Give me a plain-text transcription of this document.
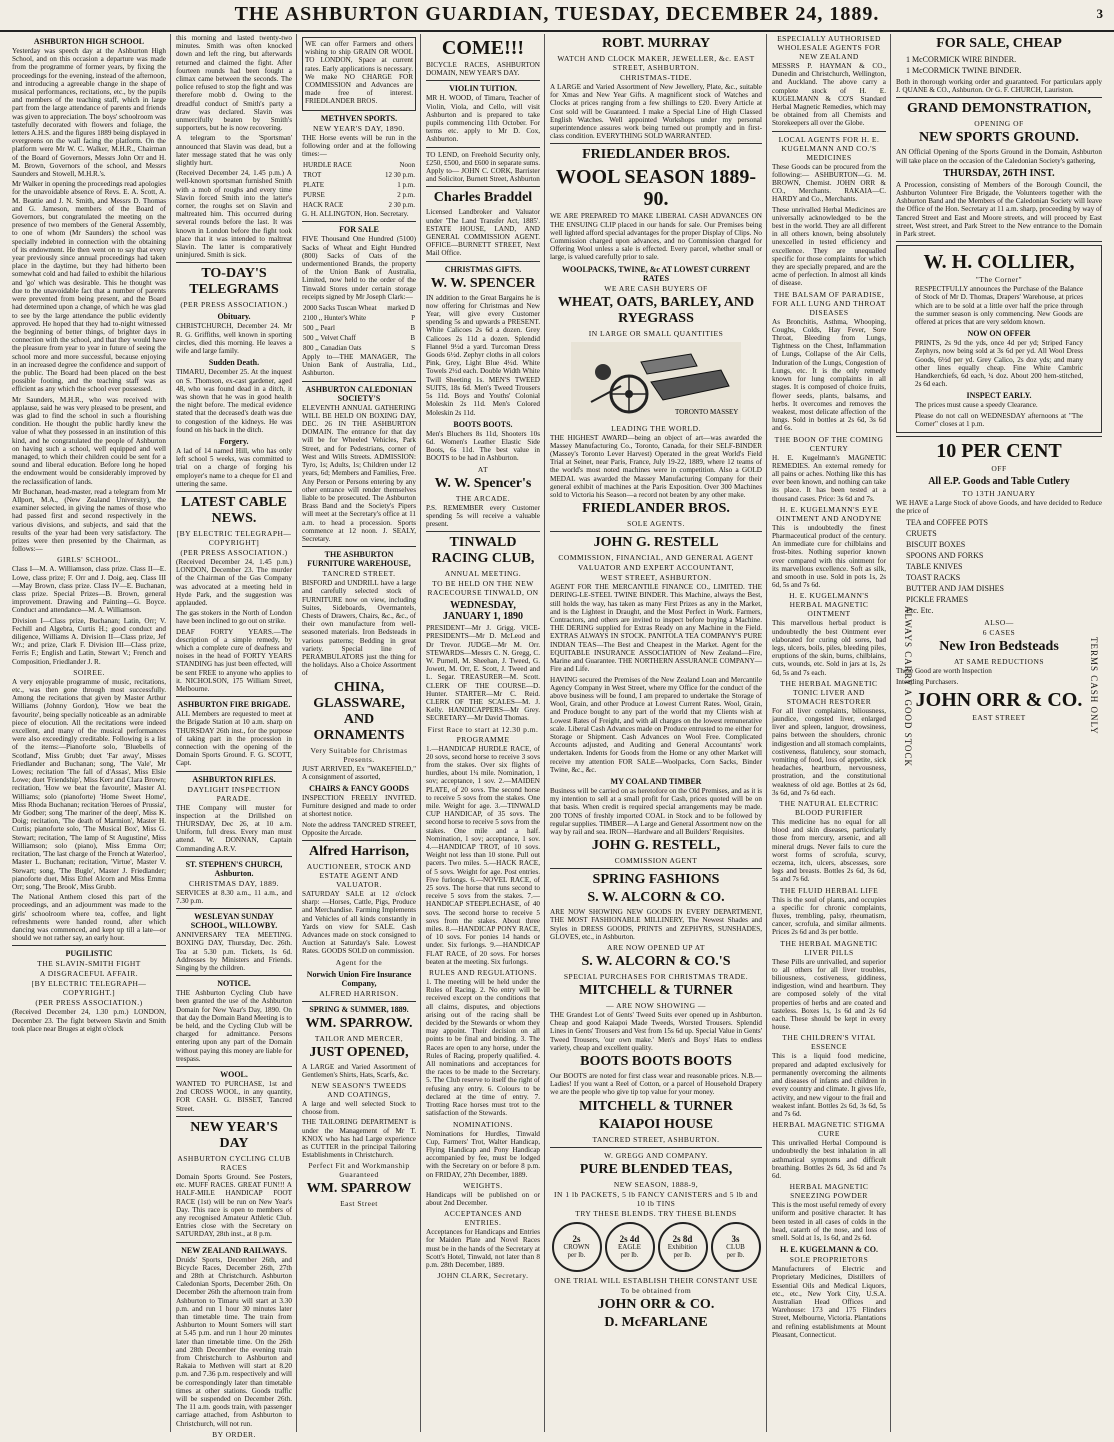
THE ASHBURTON GUARDIAN, TUESDAY, DECEMBER 24, 1889.	3
ASHBURTON HIGH SCHOOL

Yesterday was speech day at the Ashburton High School, and on this occasion a departure was made from the programme of former years, by fixing the proceedings for the evening, instead of the afternoon, and introducing a agreeable change in the shape of musical performances, recitations, etc., by the pupils and members of the teaching staff, which in large part from the large attendance of parents and friends was given to appreciation. The boys' schoolroom was tastefully decorated with flowers and foliage, the letters A.H.S. and the figures 1889 being displayed in evergreens on the wall facing the platform. On the platform were Mr W. C. Walker, M.H.R., Chairman of the Board of Governors, Messrs John Orr and H. M. Brown, Governors of the school, and Messrs Saunders and Stowell, M.H.R.'s.

Mr Walker in opening the proceedings read apologies for the unavoidable absence of Revs. E. A. Scott, A. M. Beattie and J. N. Smith, and Messrs D. Thomas and G. Jameson, members of the Board of Governors, but congratulated the meeting on the presence of two members of the General Assembly, to one of whom (Mr Saunders) the school was specially indebted in connection with the obtaining of its endowment. He then went on to say that every year previously since annual proceedings had taken place in the daytime, but they had hitherto been somewhat cold and had failed to exhibit the hilarious and 'go' which was desirable. This he thought was due to the unavoidable fact that a number of parents were prevented from being present, and the Board had determined upon a change, of which he was glad to see by the large attendance the public evidently approved. He hoped that they had to-night witnessed the beginning of better things, of brighter days in connection with the school, and that they would have the pleasure from year to year in future of seeing the school more and more successful, because enjoying in an increased degree the confidence and support of the public. The Board had been placed on the best possible footing, and the teaching staff was as efficient as any which the school ever possessed.

Mr Saunders, M.H.R., who was received with applause, said he was very pleased to be present, and was glad to find the school in such a flourishing condition. He thought the public hardly knew the value of what they possessed in an institution of this kind, and he congratulated the people of Ashburton on having such a school, well equipped and well managed, to which their children could be sent for a sound and liberal education. Before long he hoped the endowment would be considerably improved by the reclassification of lands.

Mr Buchanan, head-master, read a telegram from Mr Allport, M.A., (New Zealand University), the examiner selected, in giving the names of those who had passed first and second respectively in the various divisions, and subjects, and said that the results of the year had been very satisfactory. The prizes were then presented by the Chairman, as follows:—

GIRLS' SCHOOL.

Class I—M. A. Williamson, class prize. Class II—E. Lowe, class prize; F. Orr and J. Doig, aeq. Class III—May Brown, class prize. Class IV—E. Buchanan, class prize. Special Prizes—B. Brown, general improvement. Drawing and Painting—G. Boyce. Conduct and attendance—M. A. Williamson.

Division I—Class prize, Buchanan; Latin, Orr; V. Fechill and Algebra, Curtis H.; good conduct and diligence, Williams A. Division II—Class prize, Jef Wr.; and prize, Clark F. Division III—Class prize, Ferris F.; English and Latin, Stewart V.; French and Composition, Friedlander J. R.

SOIREE.

A very enjoyable programme of music, recitations, etc., was then gone through most successfully. Among the recitations that given by Master Arthur Williams (Johnny Gordon), 'How we beat the favourite', being specially noticeable as an admirable piece of elocution. All the recitations were indeed excellent, and many of the musical performances were also exceedingly creditable. Following is a list of the items:—Pianoforte solo, 'Bluebells of Scotland', Miss Grubb; duet 'Far away', Misses Friedlander and Buchanan; song, 'The Vale', Mr Lowes; recitation 'The fall of d'Assas', Miss Elsie Lowe; duet 'Friendship', Miss Kerr and Clara Brown; recitation, 'How we beat the favourite', Master Al. Williams; solo (pianoforte) 'Home Sweet Home', Miss Rhoda Buchanan; recitation 'Heroes of Prussia', Mr Godber; song 'The mariner of the deep', Miss K. Doig; recitation, 'The death of Marmion', Master H. Curtis; pianoforte solo, 'The Musical Box', Miss G. Stewart; recitation, 'The lamp of St Augustine', Miss Williamson; solo (piano), Miss Emma Orr; recitation, 'The last charge of the French at Waterloo', Master L. Buchanan; recitation, 'Virtue', Master V. Stewart; song, 'The Bugle', Master J. Friedlander; pianoforte duet, Miss Ethel Alcorn and Miss Emma Orr; song, 'The Brook', Miss Grubb.

The National Anthem closed this part of the proceedings, and an adjournment was made to the girls' schoolroom where tea, coffee, and light refreshments were handed round, after which dancing was commenced, and kept up till a late—or should we not rather say, an early hour.

PUGILISTIC
THE SLAVIN-SMITH FIGHT
A DISGRACEFUL AFFAIR.
[BY ELECTRIC TELEGRAPH—COPYRIGHT.]
(PER PRESS ASSOCIATION.)

(Received December 24, 1.30 p.m.) LONDON, December 23. The fight between Slavin and Smith took place near Bruges at eight o'clock

this morning and lasted twenty-two minutes. Smith was often knocked down and left the ring, but afterwards returned and claimed the fight. After fourteen rounds had been fought a climax came between the seconds. The police refused to stop the fight and was therefore mobb d. Owing to the dreadful conduct of Smith's party a draw was declared. Slavin was unmercifully beaten by Smith's supporters, but he is now recovering.

A telegram to the 'Sportsman' announced that Slavin was dead, but a later message stated that he was only slightly hurt.

(Received December 24, 1.45 p.m.) A well-known sportsman furnished Smith with a mob of roughs and every time Slavin forced Smith into the latter's corner, the roughs set on Slavin and maltreated him. This occurred during several rounds before the last. It was known in London before the fight took place that it was intended to maltreat Slavin. The latter is comparatively uninjured. Smith is sick.

TO-DAY'S TELEGRAMS
(PER PRESS ASSOCIATION.)
Obituary.

CHRISTCHURCH, December 24. Mr R. G. Griffiths, well known in sporting circles, died this morning. He leaves a wife and large family.

Sudden Death.

TIMARU, December 25. At the inquest on S. Thomson, ex-cast gardener, aged 48, who was found dead in a ditch, it was shown that he was in good health the night before. The medical evidence stated that the deceased's death was due to congestion of the kidneys. He was found on his back in the ditch.

Forgery.

A lad of 14 named Hill, who has only left school 5 weeks, was committed to trial on a charge of forging his employer's name to a cheque for £1 and uttering the same.

LATEST CABLE NEWS.
[BY ELECTRIC TELEGRAPH—COPYRIGHT]
(PER PRESS ASSOCIATION.)

(Received December 24, 1.45 p.m.) LONDON, December 23. The murder of the Chairman of the Gas Company was advocated at a meeting held in Hyde Park, and the suggestion was applauded.

The gas stokers in the North of London have been inclined to go out on strike.

DEAF FORTY YEARS.—The description of a simple remedy, by which a complete cure of deafness and noises in the head of FORTY YEARS STANDING has just been effected, will be sent FREE to anyone who applies to it. NICHOLSON, 175 William Street, Melbourne.

ASHBURTON FIRE BRIGADE.

ALL Members are requested to meet at the Brigade Station at 10 a.m. sharp on THURSDAY 26th inst., for the purpose of taking part in the procession in connection with the opening of the Domain Sports Ground. F. G. SCOTT, Capt.

ASHBURTON RIFLES.
DAYLIGHT INSPECTION PARADE.

THE Company will muster for inspection at the Drillshed on THURSDAY, Dec 26, at 10 a.m. Uniform, full dress. Every man must attend. W. DONNAN, Captain Commanding A.R.V.

ST. STEPHEN'S CHURCH, Ashburton.
CHRISTMAS DAY, 1889.

SERVICES at 8.30 a.m., 11 a.m., and 7.30 p.m.

WESLEYAN SUNDAY SCHOOL, WILLOWBY.

ANNIVERSARY TEA MEETING. BOXING DAY, Thursday, Dec. 26th. Tea at 5.30 p.m. Tickets, 1s 6d. Addresses by Ministers and Friends. Singing by the children.

NOTICE.

THE Ashburton Cycling Club have been granted the use of the Ashburton Domain for New Year's Day, 1890. On that day the Domain Band Meeting is to be held, and the Cycling Club will be charged for admittance. Persons entering upon any part of the Domain without paying this money are liable for trespass.

WOOL.

WANTED TO PURCHASE, 1st and 2nd CROSS WOOL, in any quantity, FOR CASH. G. BISSET, Tancred Street.

NEW YEAR'S DAY
ASHBURTON CYCLING CLUB RACES

Domain Sports Ground. See Posters, etc. MUFF RACES. GREAT FUN!!! A HALF-MILE HANDICAP FOOT RACE (1st) will be run on New Year's Day. This race is open to members of any recognised Amateur Athletic Club. Entries close with the Secretary on SATURDAY, 28th inst., at 8 p.m.

NEW ZEALAND RAILWAYS.

Druids' Sports, December 26th, and Bicycle Races, December 26th, 27th and 28th at Christchurch. Ashburton Caledonian Sports, December 26th. On December 26th the afternoon train from Ashburton to Timaru will start at 3.30 p.m. and run 1 hour 30 minutes later than timetable time. The train from Ashburton to Mount Somers will start at 5.45 p.m. and run 1 hour 20 minutes later than timetable time. On the 26th and 28th December the evening train from Christchurch to Ashburton and Rakaia to Methven will start at 8.20 p.m. and 7.36 p.m. respectively and will be correspondingly later than timetable times at other stations. Goods traffic will be suspended on December 26th. The 11 a.m. goods train, with passenger carriage attached, from Ashburton to Christchurch, will not run.

BY ORDER.

WE can offer Farmers and others wishing to ship GRAIN OR WOOL TO LONDON, Space at current rates. Early applications is necessary. We make NO CHARGE FOR COMMISSION and Advances are made free of interest. FRIEDLANDER BROS.

METHVEN SPORTS.
NEW YEAR'S DAY, 1890.

THE Horse events will be run in the following order and at the following times:—

HURDLE RACE	Noon
TROT	12 30 p.m.
PLATE	1 p.m.
PURSE	2 p.m.
HACK RACE	2 30 p.m.

G. H. ALLINGTON, Hon. Secretary.

FOR SALE

FIVE Thousand One Hundred (5100) Sacks of Wheat and Eight Hundred (800) Sacks of Oats of the undermentioned Brands, the property of the Union Bank of Australia, Limited, now held to the order of the Tinwald Stores under certain storage receipts signed by Mr Joseph Clark:—

2000 Sacks Tuscan Wheat	marked D
2100 ,, Hunter's White	P
500 ,, Pearl	B
500 ,, Velvet Chaff	B
800 ,, Canadian Oats	S

Apply to—THE MANAGER, The Union Bank of Australia, Ltd., Ashburton.

ASHBURTON CALEDONIAN SOCIETY'S

ELEVENTH ANNUAL GATHERING WILL BE HELD ON BOXING DAY, DEC. 26 IN THE ASHBURTON DOMAIN. The entrance for that day will be for Wheeled Vehicles, Park Street, and for Pedestrians, corner of West and Wills Streets. ADMISSION: Tyro, 1s; Adults, 1s; Children under 12 years, 6d; Members and Families, Free. Any Person or Persons entering by any other entrance will render themselves liable to be prosecuted. The Ashburton Brass Band and the Society's Pipers will meet at the Secretary's office at 11 a.m. to head a procession. Sports commence at 12 noon. J. SEALY, Secretary.

THE ASHBURTON FURNITURE WAREHOUSE,
TANCRED STREET.

BISFORD and UNDRILL have a large and carefully selected stock of FURNITURE now on view, including Suites, Sideboards, Overmantels, Chests of Drawers, Chairs, &c., &c., of their own manufacture from well-seasoned materials. Iron Bedsteads in various patterns; Bedding in great variety. Special line of PERAMBULATORS just the thing for the holidays. Also a Choice Assortment of

CHINA, GLASSWARE, AND ORNAMENTS
Very Suitable for Christmas Presents.

JUST ARRIVED, Ex "WAKEFIELD," A consignment of assorted,

CHAIRS & FANCY GOODS

INSPECTION FREELY INVITED. Furniture designed and made to order at shortest notice.

Note the address TANCRED STREET, Opposite the Arcade.

Alfred Harrison,
AUCTIONEER, STOCK AND ESTATE AGENT AND VALUATOR.

SATURDAY SALE at 12 o'clock sharp: —Horses, Cattle, Pigs, Produce and Merchandise. Farming Implements and Vehicles of all kinds constantly in Yards on view for SALE. Cash Advances made on stock consigned to Auction at Saturday's Sale. Lowest Rates. GOODS SOLD on commission.

Agent for the
Norwich Union Fire Insurance Company,
ALFRED HARRISON.
SPRING & SUMMER, 1889.
WM. SPARROW.
TAILOR AND MERCER,
JUST OPENED,

A LARGE and Varied Assortment of Gentlemen's Shirts, Hats, Scarfs, &c.

NEW SEASON'S TWEEDS AND COATINGS,

A large and well selected Stock to choose from.

THE TAILORING DEPARTMENT is under the Management of Mr T. KNOX who has had Large experience as CUTTER in the principal Tailoring Establishments in Christchurch.

Perfect Fit and Workmanship Guaranteed
WM. SPARROW
East Street
COME!!!

BICYCLE RACES, ASHBURTON DOMAIN, NEW YEAR'S DAY.

VIOLIN TUITION.

MR H. WOOD, of Timaru, Teacher of Violin, Viola, and Cello, will visit Ashburton and is prepared to take pupils commencing 11th October. For terms etc. apply to Mr D. Cox, Ashburton.

TO LEND, on Freehold Security only, £250, £500, and £600 in separate sums. Apply to— JOHN C. CORK, Barrister and Solicitor, Burnett Street, Ashburton

Charles Braddel

Licensed Landbroker and Valuator under 'The Land Transfer Act, 1885'. ESTATE HOUSE, LAND, AND GENERAL COMMISSION AGENT. OFFICE—BURNETT STREET, Next Mail Office.

CHRISTMAS GIFTS.
W. W. SPENCER

IN addition to the Great Bargains he is now offering for Christmas and New Year, will give every Customer spending 5s and upwards a PRESENT. White Calicoes 2s 6d a dozen. Grey Calicoes 2s 11d a dozen. Splendid Flannel 9½d a yard. Turcoman Dress Goods 6½d. Zephyr cloths in all colors Pink, Grey, Light Blue 4½d. White Towels 2½d each. Double Width White Twill Sheeting 1s. MEN'S TWEED SUITS, 18s 6d. Men's Tweed Trousers 5s 11d. Boys and Youths' Colonial Moleskin 2s 11d. Men's Colored Moleskin 2s 11d.

BOOTS BOOTS.

Men's Bluchers 8s 11d, Shooters 10s 6d. Women's Leather Elastic Side Boots, 6s 11d. The best value in BOOTS to be had in Ashburton.

AT
W. W. Spencer's
THE ARCADE.

P.S. REMEMBER every Customer spending 5s will receive a valuable present.

TINWALD RACING CLUB,
ANNUAL MEETING.
TO BE HELD ON THE NEW RACECOURSE TINWALD, ON
WEDNESDAY, JANUARY 1, 1890

PRESIDENT—Mr J. Grigg. VICE-PRESIDENTS—Mr D. McLeod and Dr Trevor. JUDGE—Mr M. Orr. STEWARDS—Messrs C. N. Gregg, C. W. Purnell, M. Sheehan, J. Tweed, G. Jowett, M. Orr, E. Scott, J. Tweed and L. Segar. TREASURER—M. Scott. CLERK OF THE COURSE—D. Hunter. STARTER—Mr C. Reid. CLERK OF THE SCALES—M. J. Kelly. HANDICAPPERS—Mr Grey. SECRETARY—Mr David Thomas.

First Race to start at 12.30 p.m.
PROGRAMME

1.—HANDICAP HURDLE RACE, of 20 sovs, second horse to receive 3 sovs from the stakes. Over six flights of hurdles, about 1¼ mile. Nomination, 1 sov; acceptance, 1 sov. 2.—MAIDEN PLATE, of 20 sovs. The second horse to receive 5 sovs from the stakes. One mile. Weight for age. 3.—TINWALD CUP HANDICAP, of 35 sovs. The second horse to receive 5 sovs from the stakes. One mile and a half. Nomination, 1 sov; acceptance, 1 sov. 4.—HANDICAP TROT, of 10 sovs. Weight not less than 10 stone. Pull out pacers. Two miles. 5.—HACK RACE, of 5 sovs. Weight for age. Post entries. Five furlongs. 6.—NOVEL RACE, of 25 sovs. The horse that runs second to receive 5 sovs from the stakes. 7.—HANDICAP STEEPLECHASE, of 40 sovs. The second horse to receive 5 sovs from the stakes. About three miles. 8.—HANDICAP PONY RACE, of 10 sovs. For ponies 14 hands or under. Six furlongs. 9.—HANDICAP FLAT RACE, of 20 sovs. For horses beaten at the meeting. Six furlongs.

RULES AND REGULATIONS.

1. The meeting will be held under the Rules of Racing. 2. No entry will be received except on the conditions that all claims, disputes, and objections arising out of the racing shall be decided by the Stewards or whom they may appoint. Their decision on all points to be final and binding. 3. The Races are open to any horse, under the Rules of Racing, properly qualified. 4. All nominations and acceptances for the races to be made to the Secretary. 5. The Club reserve to itself the right of refusing any entry. 6. Colours to be declared at the time of entry. 7. Trotting Race horses must trot to the satisfaction of the Stewards.

NOMINATIONS.

Nominations for Hurdles, Tinwald Cup, Farmers' Trot, Walter Handicap, Flying Handicap and Pony Handicap accompanied by fee, must be lodged with the Secretary on or before 8 p.m. on FRIDAY, 27th December, 1889.

WEIGHTS.

Handicaps will be published on or about 2nd December.

ACCEPTANCES AND ENTRIES.

Acceptances for Handicaps and Entries for Maiden Plate and Novel Races must be in the hands of the Secretary at Scott's Hotel, Tinwald, not later than 8 p.m. 28th December, 1889.

JOHN CLARK, Secretary.
ROBT. MURRAY
WATCH AND CLOCK MAKER, JEWELLER, &c. EAST STREET, ASHBURTON.
CHRISTMAS-TIDE.

A LARGE and Varied Assortment of New Jewellery, Plate, &c., suitable for Xmas and New Year Gifts. A magnificent stock of Watches and Clocks at prices ranging from a few shillings to £20. Every Article at Cost sold will be Guaranteed. I make a Special Line of High Classed English Watches. Well appointed Workshops under my personal superintendence assures work being turned out promptly and in first-class condition. EVERYTHING SOLD WARRANTED.

FRIEDLANDER BROS.
WOOL SEASON 1889-90.

WE ARE PREPARED TO MAKE LIBERAL CASH ADVANCES ON THE ENSUING CLIP placed in our hands for sale. Our Premises being well lighted afford special advantages for the proper Display of Clips. No Commission charged upon advances, and no Commission charged for Offering Wool unless a sale is effected. Every parcel, whether small or large, is valued carefully prior to sale.

WOOLPACKS, TWINE, &c AT LOWEST CURRENT RATES
WE ARE CASH BUYERS OF
WHEAT, OATS, BARLEY, AND RYEGRASS
IN LARGE OR SMALL QUANTITIES
TORONTO MASSEY
LEADING THE WORLD.

THE HIGHEST AWARD—being an object of art—was awarded the Massey Manufacturing Co., Toronto, Canada, for their SELF-BINDER (Massey's Toronto Lever Harvest) Operated in the great World's Field Trial at Seinet, near Paris, France, July 19-22, 1889, where 12 teams of the world's most noted machines were in competition. Also a GOLD MEDAL was awarded the Massey Manufacturing Company for their general exhibit of machines at the Paris Exposition. Over 300 Machines sold to Victoria his Season—a record not beaten by any other make.

FRIEDLANDER BROS.
SOLE AGENTS.
JOHN G. RESTELL
COMMISSION, FINANCIAL, AND GENERAL AGENT
VALUATOR AND EXPERT ACCOUNTANT,
WEST STREET, ASHBURTON.

AGENT FOR THE MERCANTILE FINANCE CO., LIMITED. THE DERING-LE-STEEL TWINE BINDER. This Machine, always the Best, still holds the way, has taken as many First Prizes as any in the Market, and is the Lightest in Draught, and the Most Perfect in Work. Farmers, Contractors, and others are invited to inspect before buying a Machine. THE DERING supplied for Extras Ready on any Machine in the Field. EXTRAS ALWAYS IN STOCK. PANITOLA TEA COMPANY'S PURE INDIAN TEAS—The Best and Cheapest in the Market. Agent for the EQUITABLE INSURANCE ASSOCIATION of New Zealand—Fire, Marine and Guarantee. THE NORTHERN ASSURANCE COMPANY—Fire and Life.

HAVING secured the Premises of the New Zealand Loan and Mercantile Agency Company in West Street, where my Office for the conduct of the above business will be found, I am prepared to undertake the Storage of Wool, Grain, and other Produce at Lowest Current Rates. Wool, Grain, and Produce bought to any part of the world that my Clients wish at Lowest Rates of Freight, and with all charges on the lowest remunerative scale. Liberal Cash Advances made on Produce entrusted to me either for Storage or Shipment. Cash Advances on Wool Free. Complicated Accounts adjusted, and Auditing and General Accountants' work undertaken. Indents for Goods from the Home or any other Market will receive my attention FOR SALE—Woolpacks, Corn Sacks, Binder Twine, &c., &c.

MY COAL AND TIMBER

Business will be carried on as heretofore on the Old Premises, and as it is my intention to sell at a small profit for Cash, prices quoted will be on that basis. When credit is required special arrangements may be made. 200 TONS of freshly imported COAL in Stock and to be followed by regular supplies. TIMBER—A Large and General Assortment now on the way by rail and sea. IRON—Hardware and all Builders' Requisites.

JOHN G. RESTELL,
COMMISSION AGENT
SPRING FASHIONS
S. W. ALCORN & CO.

ARE NOW SHOWING NEW GOODS IN EVERY DEPARTMENT, THE MOST FASHIONABLE MILLINERY, The Newest Shades and Styles in DRESS GOODS, PRINTS and ZEPHYRS, SUNSHADES, GLOVES, etc., in Ashburton.

ARE NOW OPENED UP AT
S. W. ALCORN & CO.'S
SPECIAL PURCHASES FOR CHRISTMAS TRADE.
MITCHELL & TURNER
— ARE NOW SHOWING —

THE Grandest Lot of Gents' Tweed Suits ever opened up in Ashburton. Cheap and good Kaiapoi Made Tweeds, Worsted Trousers. Splendid Lines in Gents' Trousers and Vest from 15s 6d up. Special Value in Gents' Tweed Trousers, 'our own make.' Men's and Boys' Hats to endless variety, cheap and excellent quality.

BOOTS BOOTS BOOTS

Our BOOTS are noted for first class wear and reasonable prices. N.B.—Ladies! If you want a Reel of Cotton, or a parcel of Household Drapery we are the people who give tip top value for your money.

MITCHELL & TURNER
KAIAPOI HOUSE
TANCRED STREET, ASHBURTON.
W. GREGG AND COMPANY.
PURE BLENDED TEAS,
NEW SEASON, 1888-9,
IN 1 lb PACKETS, 5 lb FANCY CANISTERS and 5 lb and 10 lb TINS
TRY THESE BLENDS. TRY THESE BLENDS
2s
CROWN
per lb.
2s 4d
EAGLE
per lb.
2s 8d
Exhibition
per lb.
3s
CLUB
per lb.
ONE TRIAL WILL ESTABLISH THEIR CONSTANT USE
To be obtained from
JOHN ORR & CO.
D. McFARLANE
ESPECIALLY AUTHORISED WHOLESALE AGENTS FOR NEW ZEALAND

MESSRS P. HAYMAN & CO., Dunedin and Christchurch, Wellington, and Auckland. The above carry a complete stock of H. E. KUGELMANN & CO'S Standard Herbal Magnetic Remedies, which may be obtained from all Chemists and Storekeepers all over the Globe.

LOCAL AGENTS FOR H. E. KUGELMANN AND CO.'S MEDICINES

These Goods can be procured from the following:— ASHBURTON—G. M. BROWN, Chemist. JOHN ORR & CO., Merchants. RAKAIA—C. HARDY and Co., Merchants.

These unrivalled Herbal Medicines are universally acknowledged to be the best in the world. They are all different in all others known, being absolutely unexcelled in tested efficiency and excellence. They are unequalled specific for those complaints for which they are specially prepared, and are the acme of perfection. In almost all kinds of disease.

THE BALSAM OF PARADISE, FOR ALL LUNG AND THROAT DISEASES

As Bronchitis, Asthma, Whooping, Coughs, Colds, Hay Fever, Sore Throat, Bleeding from Lungs, Tightness on the Chest, Inflammation of Lungs, Collapse of the Air Cells, Induration of the Lungs, Congestion of Lungs, etc. It is the only remedy known for lung complaints in all stages. It is composed of choice fruits, flower seeds, plants, balsams, and herbs. It overcomes and removes the weakest, most delicate affection of the lungs. Sold in bottles at 2s 6d, 3s 6d and 6s.

THE BOON OF THE COMING CENTURY

H. E. Kugelmann's MAGNETIC REMEDIES. An external remedy for all pains or aches. Nothing like this has ever been known, and nothing can take its place. It has been tested at a thousand cases. Price: 3s 6d and 7s.

H. E. KUGELMANN'S EYE OINTMENT AND ANODYNE

This is undoubtedly the finest Pharmaceutical product of the century. An immediate cure for chilblains and frost-bites. Nothing superior known ever compared with this ointment for its marvellous excellence. Soft as silk, and smooth in use. Sold in pots 1s, 2s 6d, 5s and 7s 6d.

H. E. KUGELMANN'S HERBAL MAGNETIC OINTMENT

This marvellous herbal product is undoubtedly the best Ointment ever elaborated for curing old sores, bad legs, ulcers, boils, piles, bleeding piles, eruptions of the skin, burns, chilblains, cuts, wounds, etc. Sold in jars at 1s, 2s 6d, 5s and 7s each.

THE HERBAL MAGNETIC TONIC LIVER AND STOMACH RESTORER

For all liver complaints, biliousness, jaundice, congested liver, enlarged liver and spleen, languor, drowsiness, pains between the shoulders, chronic indigestion and all stomach complaints, costiveness, flatulency, sour stomach, vomiting of food, loss of appetite, sick headaches, heartburn, nervousness, prostration, and the constitutional weakness of old age. Bottles at 2s 6d, 3s 6d, and 7s 6d each.

THE NATURAL ELECTRIC BLOOD PURIFIER

This medicine has no equal for all blood and skin diseases, particularly those from mercury, arsenic, and all mineral drugs. Never fails to cure the worst forms of scrofula, scurvy, eczema, itch, ulcers, abscesses, sore legs and breasts. Bottles 2s 6d, 3s 6d, 5s and 7s 6d.

THE FLUID HERBAL LIFE

This is the soul of plants, and occupies a specific for chronic complaints, fluxes, trembling, palsy, rheumatism, cancer, scrofula, and similar ailments. Prices 2s 6d and 3s per bottle.

THE HERBAL MAGNETIC LIVER PILLS

These Pills are unrivalled, and superior to all others for all liver troubles, biliousness, costiveness, giddiness, indigestion, wind and heartburn. They are composed solely of the vital properties of herbs and are coated and tasteless. Boxes 1s, 1s 6d and 2s 6d each. These should be kept in every house.

THE CHILDREN'S VITAL ESSENCE

This is a liquid food medicine, prepared and adapted exclusively for permanently overcoming the ailments and diseases of infants and children in every country and climate. It gives life, activity, and new vigour to the frail and weakest infant. Bottles 2s 6d, 3s 6d, 5s and 7s 6d.

HERBAL MAGNETIC STIGMA CURE

This unrivalled Herbal Compound is undoubtedly the best inhalation in all asthmatical symptoms and difficult breathing. Bottles 2s 6d, 3s 6d and 7s 6d.

HERBAL MAGNETIC SNEEZING POWDER

This is the most useful remedy of every uniform and positive character. It has been tested in all cases of colds in the head, catarrh of the nose, and loss of smell. Sold at 1s, 1s 6d, and 2s 6d.

H. E. KUGELMANN & CO.
SOLE PROPRIETORS

Manufacturers of Electric and Proprietary Medicines, Distillers of Essential Oils and Medical Liquors, etc., etc., New York City, U.S.A. Australian Head Offices and Warehouse: 173 and 175 Flinders Street, Melbourne, Victoria. Plantations and refining establishments at Mount Pleasant, Connecticut.

FOR SALE, CHEAP
1 McCORMICK WIRE BINDER.
1 McCORMICK TWINE BINDER.

Both in thorough working order and guaranteed. For particulars apply J. QUANE & CO., Ashburton. Or G. F. CHURCH, Lauriston.

GRAND DEMONSTRATION,
OPENING OF
NEW SPORTS GROUND.

AN Official Opening of the Sports Ground in the Domain, Ashburton will take place on the occasion of the Caledonian Society's gathering,

THURSDAY, 26TH INST.

A Procession, consisting of Members of the Borough Council, the Ashburton Volunteer Fire Brigade, the Volunteers together with the Ashburton Band and the Members of the Caledonian Society will leave the Office of the Hon. Secretary at 11 a.m. sharp, proceeding by way of Tancred Street and East and Moore streets, and will proceed by East street, West street, and Park Street to the New entrance to the Domain in Park street.

ALWAYS CARRY A GOOD STOCK	TERMS CASH ONLY
W. H. COLLIER,
"The Corner"

RESPECTFULLY announces the Purchase of the Balance of Stock of Mr D. Thomas, Drapers' Warehouse, at prices which are to be sold at a little over half the price through the summer season is only commencing. New Goods are offered at prices that are very seldom known.

NOW ON OFFER

PRINTS, 2s 9d the yds, once 4d per yd; Striped Fancy Zephyrs, now being sold at 3s 6d per yd. All Wool Dress Goods, 6½d per yd. Grey Calico, 2s doz yds; and many other lines equally cheap. Fine White Cambric Handkerchiefs, 6d each, ¼ doz. About 200 hem-stitched, 2s 6d each.

INSPECT EARLY.

The prices must cause a speedy Clearance.

Please do not call on WEDNESDAY afternoons at "The Corner" closes at 1 p.m.

10 PER CENT
OFF
All E.P. Goods and Table Cutlery
TO 13TH JANUARY

WE HAVE a Large Stock of above Goods, and have decided to Reduce the price of

TEA and COFFEE POTS
CRUETS
BISCUIT BOXES
SPOONS AND FORKS
TABLE KNIVES
TOAST RACKS
BUTTER AND JAM DISHES
PICKLE FRAMES
Etc. Etc.
ALSO—
6 CASES
New Iron Bedsteads
AT SAME REDUCTIONS

These Good are worth Inspection

Intending Purchasers.

JOHN ORR & CO.
EAST STREET
